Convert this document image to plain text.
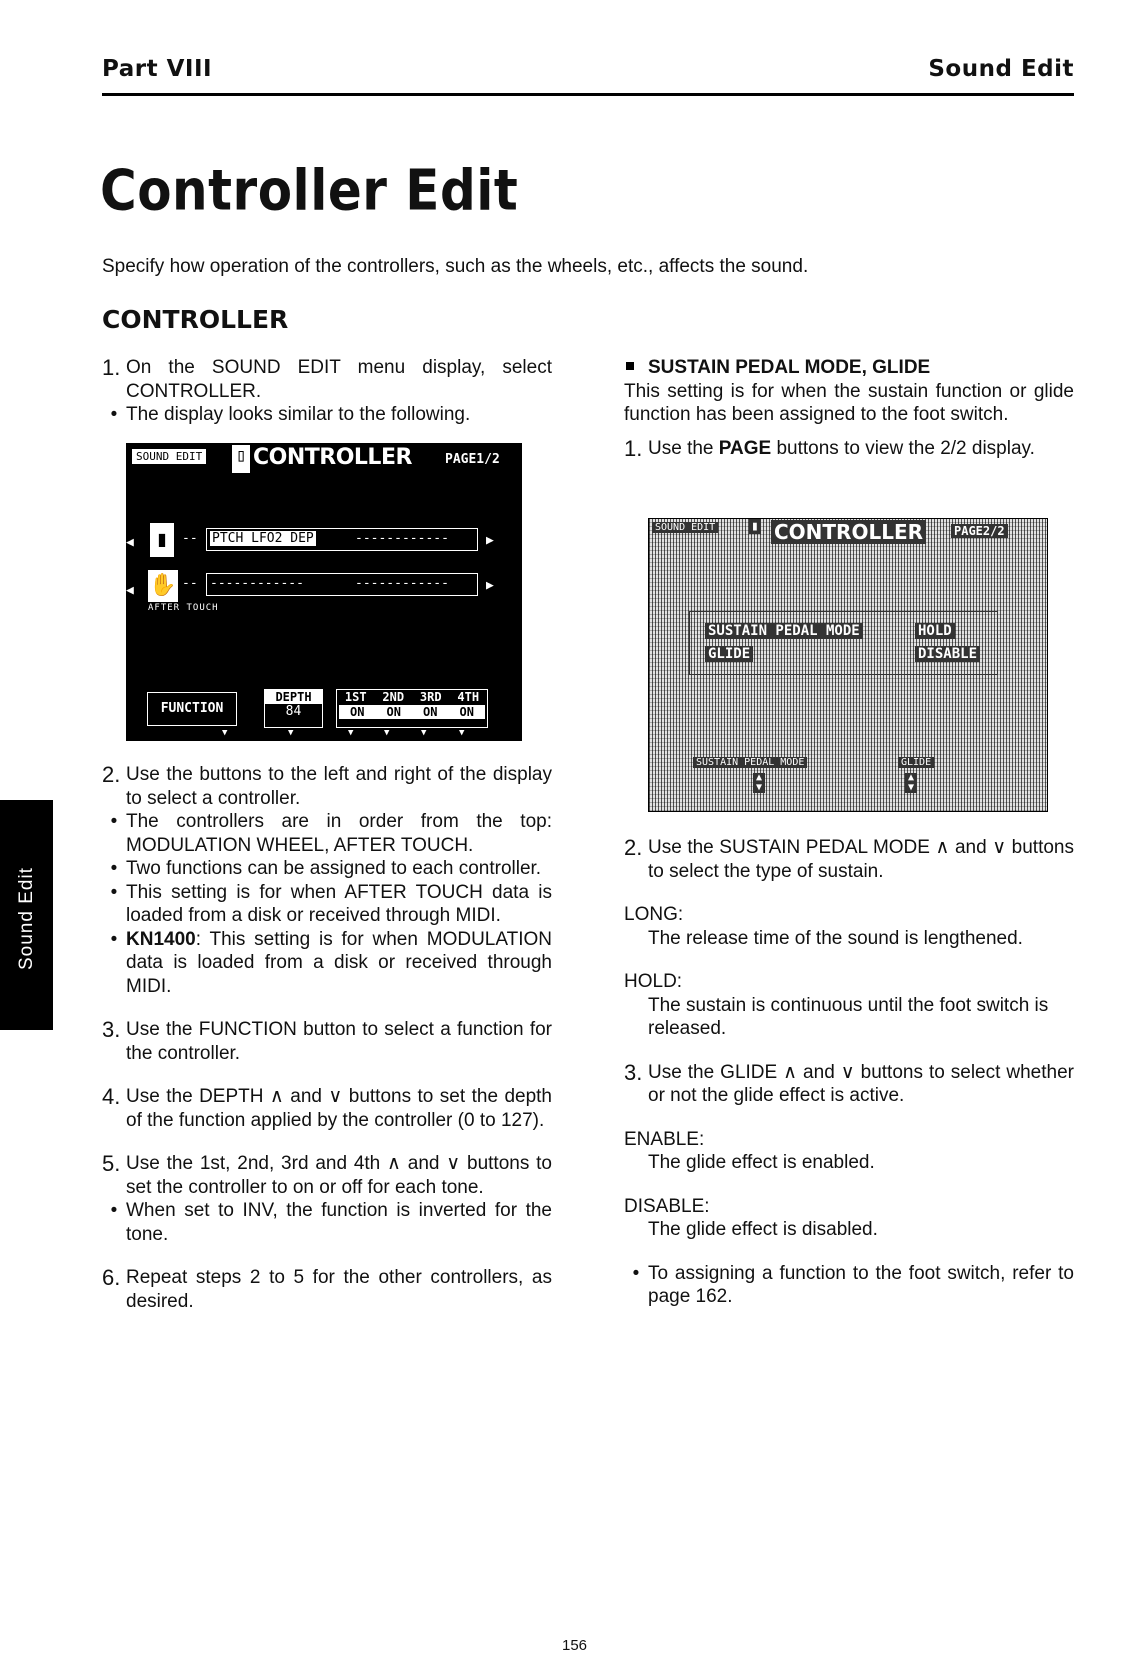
Part VIII	Sound Edit
Controller Edit
Specify how operation of the controllers, such as the wheels, etc., affects the sound.
CONTROLLER
1. On the SOUND EDIT menu display, select CONTROLLER.
• The display looks similar to the following.
SOUND EDIT ▯ CONTROLLER	PAGE1/2
◀ ▮	-- PTCH LFO2 DEP	------------	▶
◀ ✋ -- ------------	------------	▶
AFTER TOUCH
FUNCTION
DEPTH
84
1ST 2ND 3RD 4TH
ON ON ON ON
▼	▼	▼	▼	▼	▼
2. Use the buttons to the left and right of the display to select a controller.
• The controllers are in order from the top: MODULATION WHEEL, AFTER TOUCH.
• Two functions can be assigned to each controller.
• This setting is for when AFTER TOUCH data is loaded from a disk or received through MIDI.
• KN1400: This setting is for when MODULATION data is loaded from a disk or received through MIDI.
3. Use the FUNCTION button to select a function for the controller.
4. Use the DEPTH ∧ and ∨ buttons to set the depth of the function applied by the controller (0 to 127).
5. Use the 1st, 2nd, 3rd and 4th ∧ and ∨ buttons to set the controller to on or off for each tone.
• When set to INV, the function is inverted for the tone.
6. Repeat steps 2 to 5 for the other controllers, as desired.

SUSTAIN PEDAL MODE, GLIDE

This setting is for when the sustain function or glide function has been assigned to the foot switch.

1. Use the PAGE buttons to view the 2/2 display.
SOUND EDIT	▮ CONTROLLER	PAGE2/2
SUSTAIN PEDAL MODE	HOLD
GLIDE	DISABLE
SUSTAIN PEDAL MODE	GLIDE
▲
▼
▲
▼
2. Use the SUSTAIN PEDAL MODE ∧ and ∨ buttons to select the type of sustain.

LONG:

The release time of the sound is lengthened.

HOLD:

The sustain is continuous until the foot switch is released.

3. Use the GLIDE ∧ and ∨ buttons to select whether or not the glide effect is active.

ENABLE:

The glide effect is enabled.

DISABLE:

The glide effect is disabled.

• To assigning a function to the foot switch, refer to page 162.
Sound Edit
156
